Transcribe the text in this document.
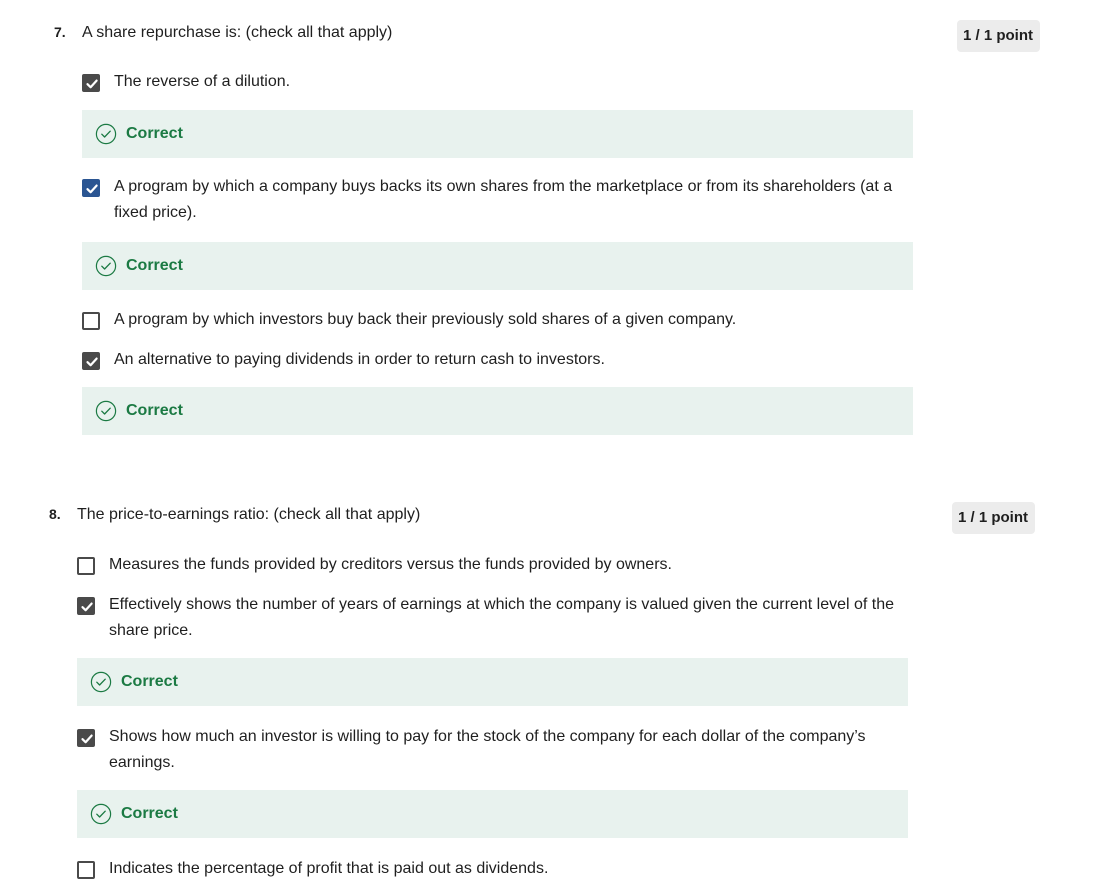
7. A share repurchase is: (check all that apply)	1 / 1 point
The reverse of a dilution.
Correct
A program by which a company buys backs its own shares from the marketplace or from its shareholders (at a fixed price).
Correct
A program by which investors buy back their previously sold shares of a given company.
An alternative to paying dividends in order to return cash to investors.
Correct
8. The price-to-earnings ratio: (check all that apply)	1 / 1 point
Measures the funds provided by creditors versus the funds provided by owners.
Effectively shows the number of years of earnings at which the company is valued given the current level of the share price.
Correct
Shows how much an investor is willing to pay for the stock of the company for each dollar of the company’s earnings.
Correct
Indicates the percentage of profit that is paid out as dividends.
